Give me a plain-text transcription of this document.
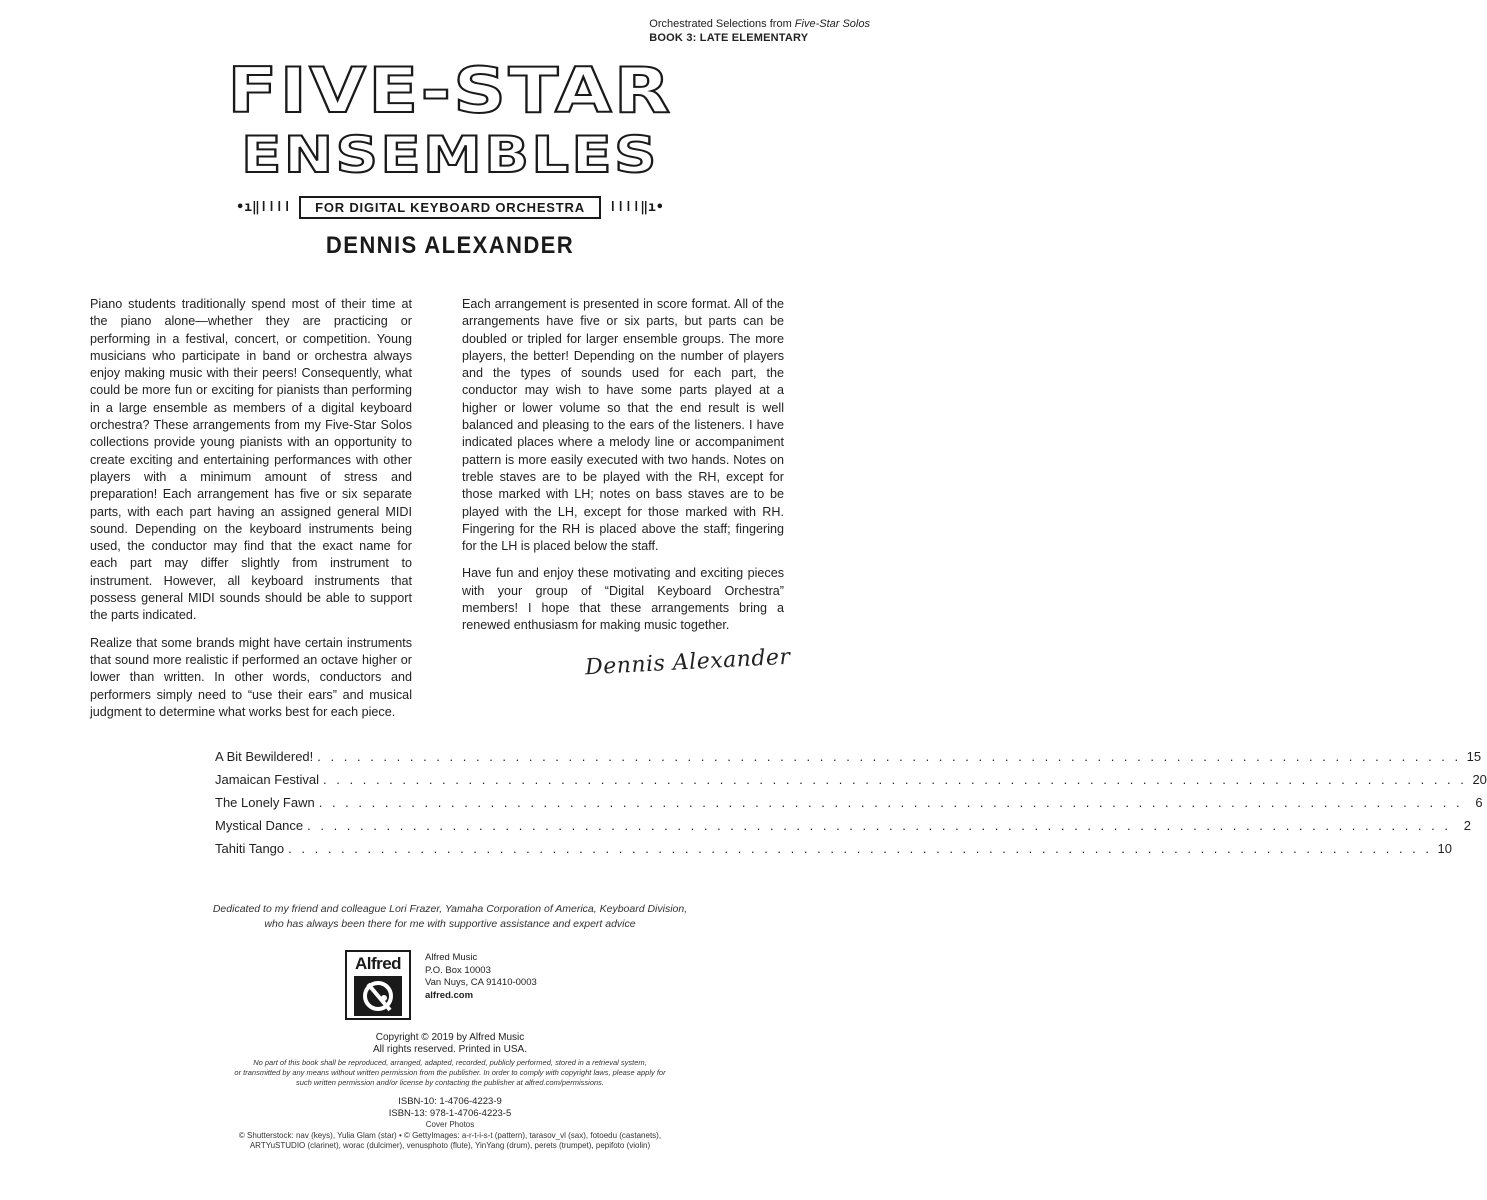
Orchestrated Selections from Five-Star Solos
BOOK 3: LATE ELEMENTARY
FIVE-STAR
ENSEMBLES
•ı‖ǀǀǀǀ	FOR DIGITAL KEYBOARD ORCHESTRA	ǀǀǀǀ‖ı•
DENNIS ALEXANDER

Piano students traditionally spend most of their time at the piano alone—whether they are practicing or performing in a festival, concert, or competition. Young musicians who participate in band or orchestra always enjoy making music with their peers! Consequently, what could be more fun or exciting for pianists than performing in a large ensemble as members of a digital keyboard orchestra? These arrangements from my Five-Star Solos collections provide young pianists with an opportunity to create exciting and entertaining performances with other players with a minimum amount of stress and preparation! Each arrangement has five or six separate parts, with each part having an assigned general MIDI sound. Depending on the keyboard instruments being used, the conductor may find that the exact name for each part may differ slightly from instrument to instrument. However, all keyboard instruments that possess general MIDI sounds should be able to support the parts indicated.

Realize that some brands might have certain instruments that sound more realistic if performed an octave higher or lower than written. In other words, conductors and performers simply need to “use their ears” and musical judgment to determine what works best for each piece.

Each arrangement is presented in score format. All of the arrangements have five or six parts, but parts can be doubled or tripled for larger ensemble groups. The more players, the better! Depending on the number of players and the types of sounds used for each part, the conductor may wish to have some parts played at a higher or lower volume so that the end result is well balanced and pleasing to the ears of the listeners. I have indicated places where a melody line or accompaniment pattern is more easily executed with two hands. Notes on treble staves are to be played with the RH, except for those marked with LH; notes on bass staves are to be played with the LH, except for those marked with RH. Fingering for the RH is placed above the staff; fingering for the LH is placed below the staff.

Have fun and enjoy these motivating and exciting pieces with your group of “Digital Keyboard Orchestra” members! I hope that these arrangements bring a renewed enthusiasm for making music together.

Dennis Alexander
A Bit Bewildered! . . . . . . . . . . . . . . . . . . . . . . . . . . . . . . . . . . . . . . . . . . . . . . . . . . . . . . . . . . . . . . . . . . . . . . . . . . . . . . . . . . . . . . . 15
Jamaican Festival . . . . . . . . . . . . . . . . . . . . . . . . . . . . . . . . . . . . . . . . . . . . . . . . . . . . . . . . . . . . . . . . . . . . . . . . . . . . . . . . . . . . . . . 20
The Lonely Fawn . . . . . . . . . . . . . . . . . . . . . . . . . . . . . . . . . . . . . . . . . . . . . . . . . . . . . . . . . . . . . . . . . . . . . . . . . . . . . . . . . . . . . . . 6
Mystical Dance . . . . . . . . . . . . . . . . . . . . . . . . . . . . . . . . . . . . . . . . . . . . . . . . . . . . . . . . . . . . . . . . . . . . . . . . . . . . . . . . . . . . . . . 2
Tahiti Tango . . . . . . . . . . . . . . . . . . . . . . . . . . . . . . . . . . . . . . . . . . . . . . . . . . . . . . . . . . . . . . . . . . . . . . . . . . . . . . . . . . . . . . . 10
Dedicated to my friend and colleague Lori Frazer, Yamaha Corporation of America, Keyboard Division,
who has always been there for me with supportive assistance and expert advice
Alfred	Alfred Music
P.O. Box 10003
Van Nuys, CA 91410-0003
alfred.com
Copyright © 2019 by Alfred Music
All rights reserved. Printed in USA.
No part of this book shall be reproduced, arranged, adapted, recorded, publicly performed, stored in a retrieval system,
or transmitted by any means without written permission from the publisher. In order to comply with copyright laws, please apply for
such written permission and/or license by contacting the publisher at alfred.com/permissions.
ISBN-10: 1-4706-4223-9
ISBN-13: 978-1-4706-4223-5
Cover Photos
© Shutterstock: nav (keys), Yulia Glam (star) • © GettyImages: a-r-t-i-s-t (pattern), tarasov_vl (sax), fotoedu (castanets),
ARTYuSTUDIO (clarinet), worac (dulcimer), venusphoto (flute), YinYang (drum), perets (trumpet), pepifoto (violin)
